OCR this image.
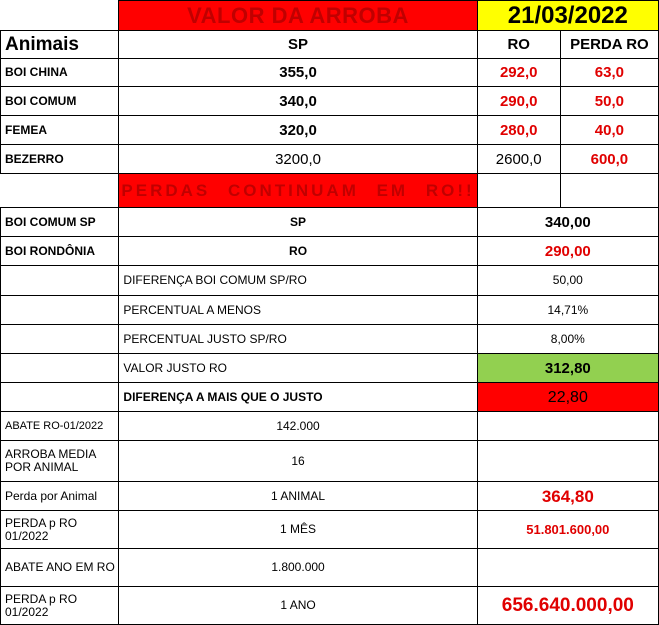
	VALOR DA ARROBA	21/03/2022	
Animais	SP	RO	PERDA RO
BOI CHINA	355,0	292,0	63,0
BOI COMUM	340,0	290,0	50,0
FEMEA	320,0	280,0	40,0
BEZERRO	3200,0	2600,0	600,0
	PERDAS CONTINUAM EM RO!!		
BOI COMUM SP	SP	340,00	
BOI RONDÔNIA	RO	290,00	
	DIFERENÇA BOI COMUM SP/RO	50,00	
	PERCENTUAL A MENOS	14,71%	
	PERCENTUAL JUSTO SP/RO	8,00%	
	VALOR JUSTO RO	312,80	
	DIFERENÇA A MAIS QUE O JUSTO	22,80	
ABATE RO-01/2022	142.000		
ARROBA MEDIA POR ANIMAL	16		
Perda por Animal	1 ANIMAL	364,80	
PERDA p RO 01/2022	1 MÊS	51.801.600,00	
ABATE ANO EM RO	1.800.000		
PERDA p RO 01/2022	1 ANO	656.640.000,00	
